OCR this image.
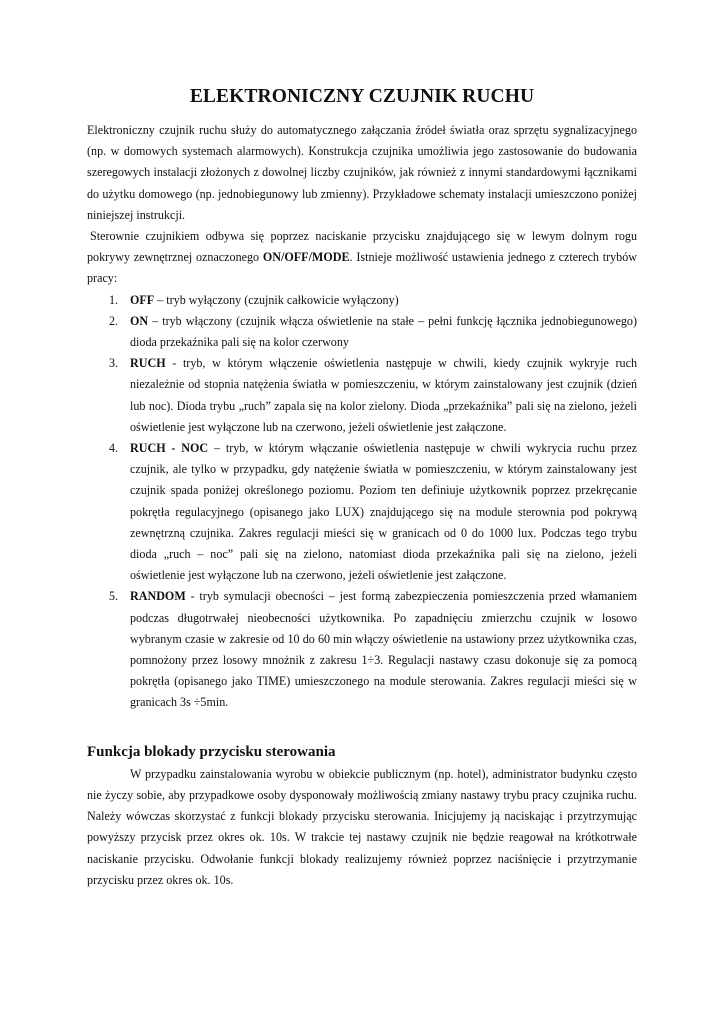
ELEKTRONICZNY CZUJNIK RUCHU

Elektroniczny czujnik ruchu służy do automatycznego załączania źródeł światła oraz sprzętu sygnalizacyjnego (np. w domowych systemach alarmowych). Konstrukcja czujnika umożliwia jego zastosowanie do budowania szeregowych instalacji złożonych z dowolnej liczby czujników, jak również z innymi standardowymi łącznikami do użytku domowego (np. jednobiegunowy lub zmienny). Przykładowe schematy instalacji umieszczono poniżej niniejszej instrukcji.

Sterownie czujnikiem odbywa się poprzez naciskanie przycisku znajdującego się w lewym dolnym rogu pokrywy zewnętrznej oznaczonego ON/OFF/MODE. Istnieje możliwość ustawienia jednego z czterech trybów pracy:

1. OFF – tryb wyłączony (czujnik całkowicie wyłączony)
2. ON – tryb włączony (czujnik włącza oświetlenie na stałe – pełni funkcję łącznika jednobiegunowego) dioda przekaźnika pali się na kolor czerwony
3. RUCH - tryb, w którym włączenie oświetlenia następuje w chwili, kiedy czujnik wykryje ruch niezależnie od stopnia natężenia światła w pomieszczeniu, w którym zainstalowany jest czujnik (dzień lub noc). Dioda trybu „ruch” zapala się na kolor zielony. Dioda „przekaźnika” pali się na zielono, jeżeli oświetlenie jest wyłączone lub na czerwono, jeżeli oświetlenie jest załączone.
4. RUCH - NOC – tryb, w którym włączanie oświetlenia następuje w chwili wykrycia ruchu przez czujnik, ale tylko w przypadku, gdy natężenie światła w pomieszczeniu, w którym zainstalowany jest czujnik spada poniżej określonego poziomu. Poziom ten definiuje użytkownik poprzez przekręcanie pokrętła regulacyjnego (opisanego jako LUX) znajdującego się na module sterownia pod pokrywą zewnętrzną czujnika. Zakres regulacji mieści się w granicach od 0 do 1000 lux. Podczas tego trybu dioda „ruch – noc” pali się na zielono, natomiast dioda przekaźnika pali się na zielono, jeżeli oświetlenie jest wyłączone lub na czerwono, jeżeli oświetlenie jest załączone.
5. RANDOM - tryb symulacji obecności – jest formą zabezpieczenia pomieszczenia przed włamaniem podczas długotrwałej nieobecności użytkownika. Po zapadnięciu zmierzchu czujnik w losowo wybranym czasie w zakresie od 10 do 60 min włączy oświetlenie na ustawiony przez użytkownika czas, pomnożony przez losowy mnożnik z zakresu 1÷3. Regulacji nastawy czasu dokonuje się za pomocą pokrętła (opisanego jako TIME) umieszczonego na module sterowania. Zakres regulacji mieści się w granicach 3s ÷5min.
Funkcja blokady przycisku sterowania

W przypadku zainstalowania wyrobu w obiekcie publicznym (np. hotel), administrator budynku często nie życzy sobie, aby przypadkowe osoby dysponowały możliwością zmiany nastawy trybu pracy czujnika ruchu. Należy wówczas skorzystać z funkcji blokady przycisku sterowania. Inicjujemy ją naciskając i przytrzymując powyższy przycisk przez okres ok. 10s. W trakcie tej nastawy czujnik nie będzie reagował na krótkotrwałe naciskanie przycisku. Odwołanie funkcji blokady realizujemy również poprzez naciśnięcie i przytrzymanie przycisku przez okres ok. 10s.
